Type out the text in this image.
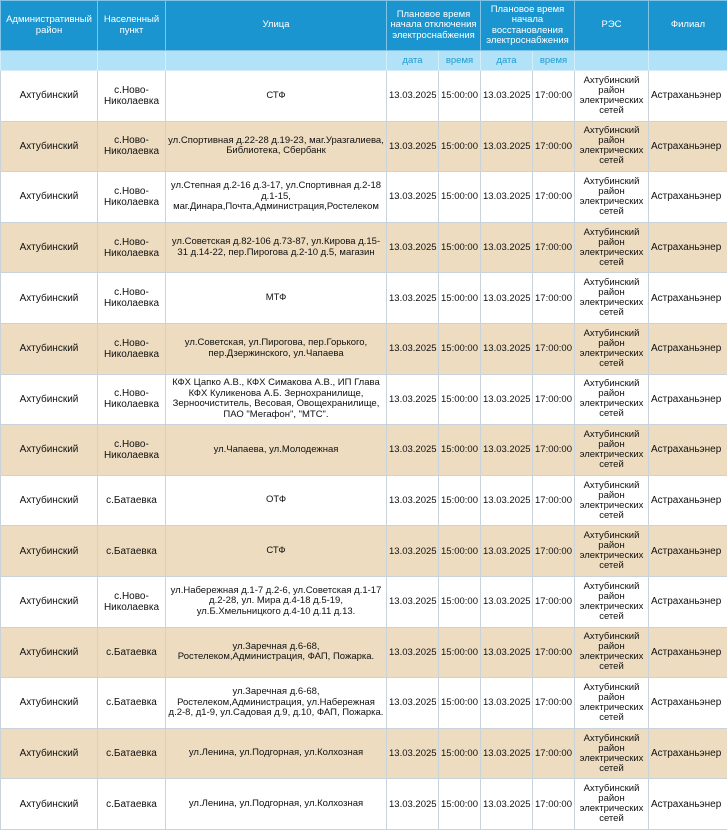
Административный район	Населенный пункт	Улица	Плановое время начала отключения электроснабжения		Плановое время начала восстановления электроснабжения		РЭС	Филиал
			дата	время	дата	время		
Ахтубинский	с.Ново-Николаевка	СТФ	13.03.2025	15:00:00	13.03.2025	17:00:00	Ахтубинский район электрических сетей	Астраханьэнер
Ахтубинский	с.Ново-Николаевка	ул.Спортивная д.22-28 д.19-23, маг.Уразгалиева, Библиотека, Сбербанк	13.03.2025	15:00:00	13.03.2025	17:00:00	Ахтубинский район электрических сетей	Астраханьэнер
Ахтубинский	с.Ново-Николаевка	ул.Степная д.2-16 д.3-17, ул.Спортивная д.2-18 д.1-15, маг.Динара,Почта,Администрация,Ростелеком	13.03.2025	15:00:00	13.03.2025	17:00:00	Ахтубинский район электрических сетей	Астраханьэнер
Ахтубинский	с.Ново-Николаевка	ул.Советская д.82-106 д.73-87, ул.Кирова д.15-31 д.14-22, пер.Пирогова д.2-10 д.5, магазин	13.03.2025	15:00:00	13.03.2025	17:00:00	Ахтубинский район электрических сетей	Астраханьэнер
Ахтубинский	с.Ново-Николаевка	МТФ	13.03.2025	15:00:00	13.03.2025	17:00:00	Ахтубинский район электрических сетей	Астраханьэнер
Ахтубинский	с.Ново-Николаевка	ул.Советская, ул.Пирогова, пер.Горького, пер.Дзержинского, ул.Чапаева	13.03.2025	15:00:00	13.03.2025	17:00:00	Ахтубинский район электрических сетей	Астраханьэнер
Ахтубинский	с.Ново-Николаевка	КФХ Цапко А.В., КФХ Симакова А.В., ИП Глава КФХ Куликенова А.Б. Зернохранилище, Зерноочиститель, Весовая, Овощехранилище, ПАО "Мегафон", "МТС".	13.03.2025	15:00:00	13.03.2025	17:00:00	Ахтубинский район электрических сетей	Астраханьэнер
Ахтубинский	с.Ново-Николаевка	ул.Чапаева, ул.Молодежная	13.03.2025	15:00:00	13.03.2025	17:00:00	Ахтубинский район электрических сетей	Астраханьэнер
Ахтубинский	с.Батаевка	ОТФ	13.03.2025	15:00:00	13.03.2025	17:00:00	Ахтубинский район электрических сетей	Астраханьэнер
Ахтубинский	с.Батаевка	СТФ	13.03.2025	15:00:00	13.03.2025	17:00:00	Ахтубинский район электрических сетей	Астраханьэнер
Ахтубинский	с.Ново-Николаевка	ул.Набережная д.1-7 д.2-6, ул.Советская д.1-17 д.2-28, ул. Мира д.4-18 д.5-19, ул.Б.Хмельницкого д.4-10 д.11 д.13.	13.03.2025	15:00:00	13.03.2025	17:00:00	Ахтубинский район электрических сетей	Астраханьэнер
Ахтубинский	с.Батаевка	ул.Заречная д.6-68, Ростелеком,Администрация, ФАП, Пожарка.	13.03.2025	15:00:00	13.03.2025	17:00:00	Ахтубинский район электрических сетей	Астраханьэнер
Ахтубинский	с.Батаевка	ул.Заречная д.6-68, Ростелеком,Администрация, ул.Набережная д.2-8, д1-9, ул.Садовая д.9, д.10, ФАП, Пожарка.	13.03.2025	15:00:00	13.03.2025	17:00:00	Ахтубинский район электрических сетей	Астраханьэнер
Ахтубинский	с.Батаевка	ул.Ленина, ул.Подгорная, ул.Колхозная	13.03.2025	15:00:00	13.03.2025	17:00:00	Ахтубинский район электрических сетей	Астраханьэнер
Ахтубинский	с.Батаевка	ул.Ленина, ул.Подгорная, ул.Колхозная	13.03.2025	15:00:00	13.03.2025	17:00:00	Ахтубинский район электрических сетей	Астраханьэнер
